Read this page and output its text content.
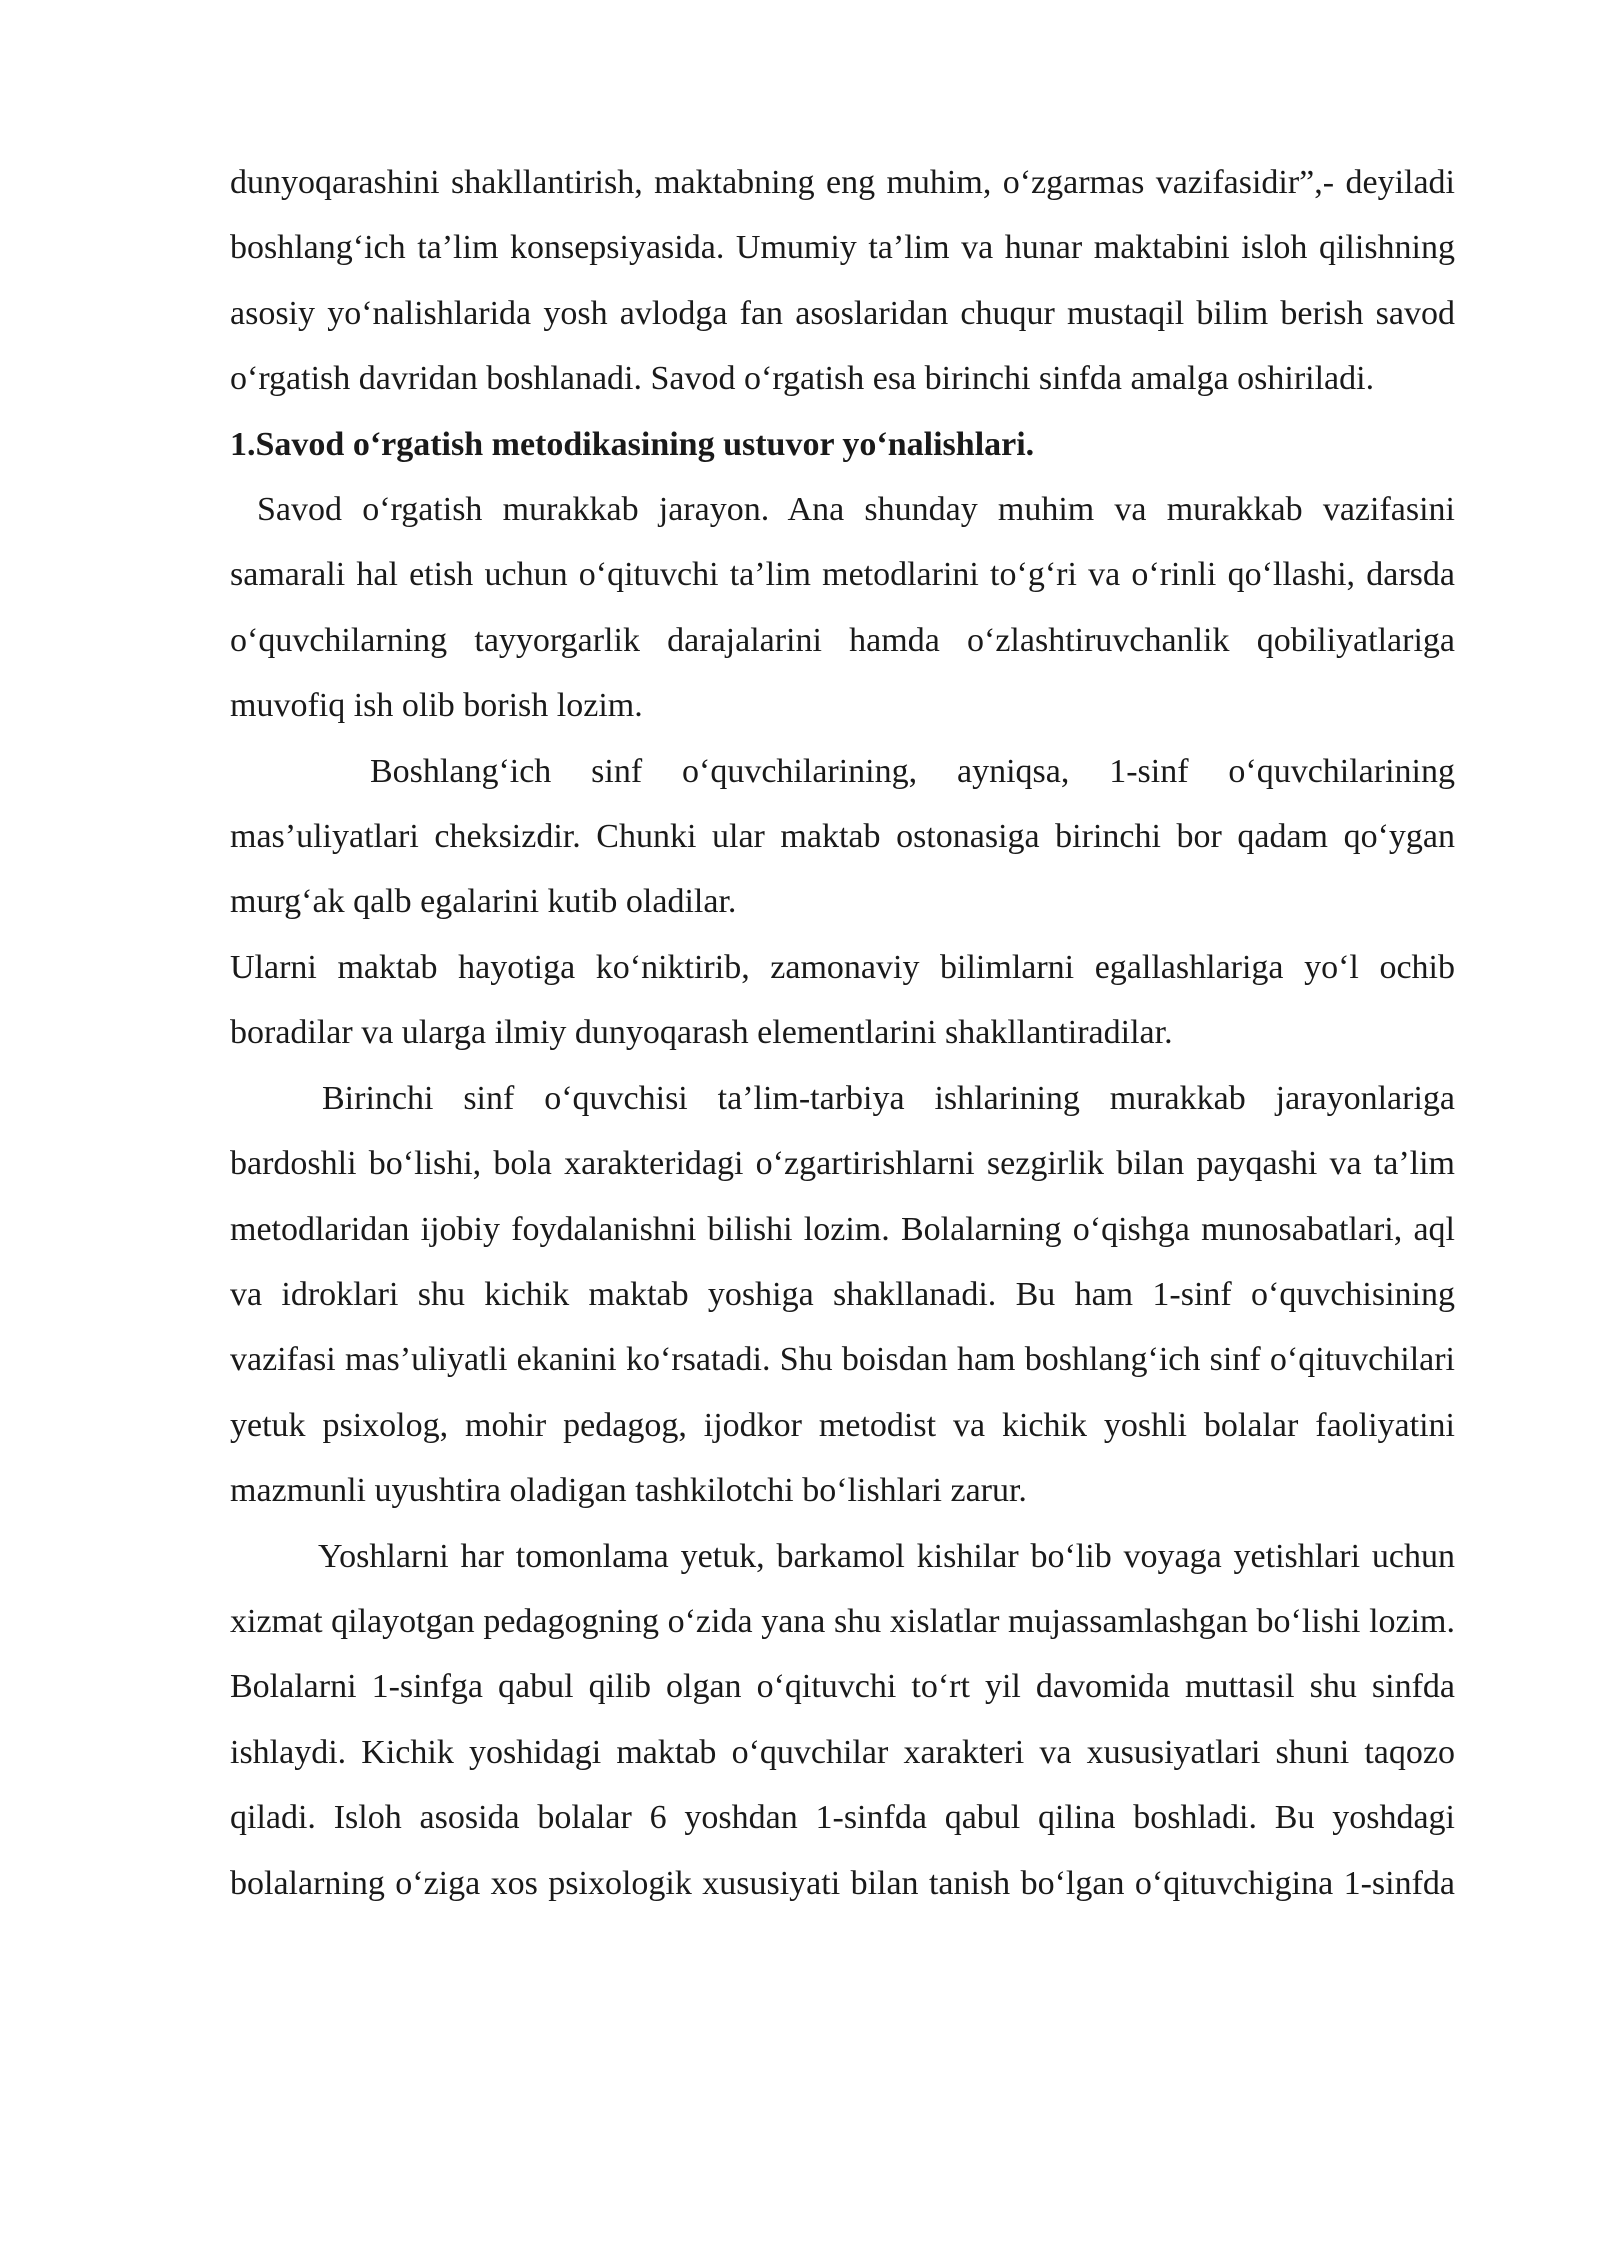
dunyoqarashini shakllantirish, maktabning eng muhim, o‘zgarmas vazifasidir”,- deyiladi boshlang‘ich ta’lim konsepsiyasida. Umumiy ta’lim va hunar maktabini isloh qilishning asosiy yo‘nalishlarida yosh avlodga fan asoslaridan chuqur mustaqil bilim berish savod o‘rgatish davridan boshlanadi. Savod o‘rgatish esa birinchi sinfda amalga oshiriladi.

1.Savod o‘rgatish metodikasining ustuvor yo‘nalishlari.

Savod o‘rgatish murakkab jarayon. Ana shunday muhim va murakkab vazifasini samarali hal etish uchun o‘qituvchi ta’lim metodlarini to‘g‘ri va o‘rinli qo‘llashi, darsda o‘quvchilarning tayyorgarlik darajalarini hamda o‘zlashtiruvchanlik qobiliyatlariga muvofiq ish olib borish lozim.

Boshlang‘ich sinf o‘quvchilarining, ayniqsa, 1-sinf o‘quvchilarining mas’uliyatlari cheksizdir. Chunki ular maktab ostonasiga birinchi bor qadam qo‘ygan murg‘ak qalb egalarini kutib oladilar.

Ularni maktab hayotiga ko‘niktirib, zamonaviy bilimlarni egallashlariga yo‘l ochib boradilar va ularga ilmiy dunyoqarash elementlarini shakllantiradilar.

Birinchi sinf o‘quvchisi ta’lim-tarbiya ishlarining murakkab jarayonlariga bardoshli bo‘lishi, bola xarakteridagi o‘zgartirishlarni sezgirlik bilan payqashi va ta’lim metodlaridan ijobiy foydalanishni bilishi lozim. Bolalarning o‘qishga munosabatlari, aql va idroklari shu kichik maktab yoshiga shakllanadi. Bu ham 1-sinf o‘quvchisining vazifasi mas’uliyatli ekanini ko‘rsatadi. Shu boisdan ham boshlang‘ich sinf o‘qituvchilari yetuk psixolog, mohir pedagog, ijodkor metodist va kichik yoshli bolalar faoliyatini mazmunli uyushtira oladigan tashkilotchi bo‘lishlari zarur.

Yoshlarni har tomonlama yetuk, barkamol kishilar bo‘lib voyaga yetishlari uchun xizmat qilayotgan pedagogning o‘zida yana shu xislatlar mujassamlashgan bo‘lishi lozim. Bolalarni 1-sinfga qabul qilib olgan o‘qituvchi to‘rt yil davomida muttasil shu sinfda ishlaydi. Kichik yoshidagi maktab o‘quvchilar xarakteri va xususiyatlari shuni taqozo qiladi. Isloh asosida bolalar 6 yoshdan 1-sinfda qabul qilina boshladi. Bu yoshdagi bolalarning o‘ziga xos psixologik xususiyati bilan tanish bo‘lgan o‘qituvchigina 1-sinfda
